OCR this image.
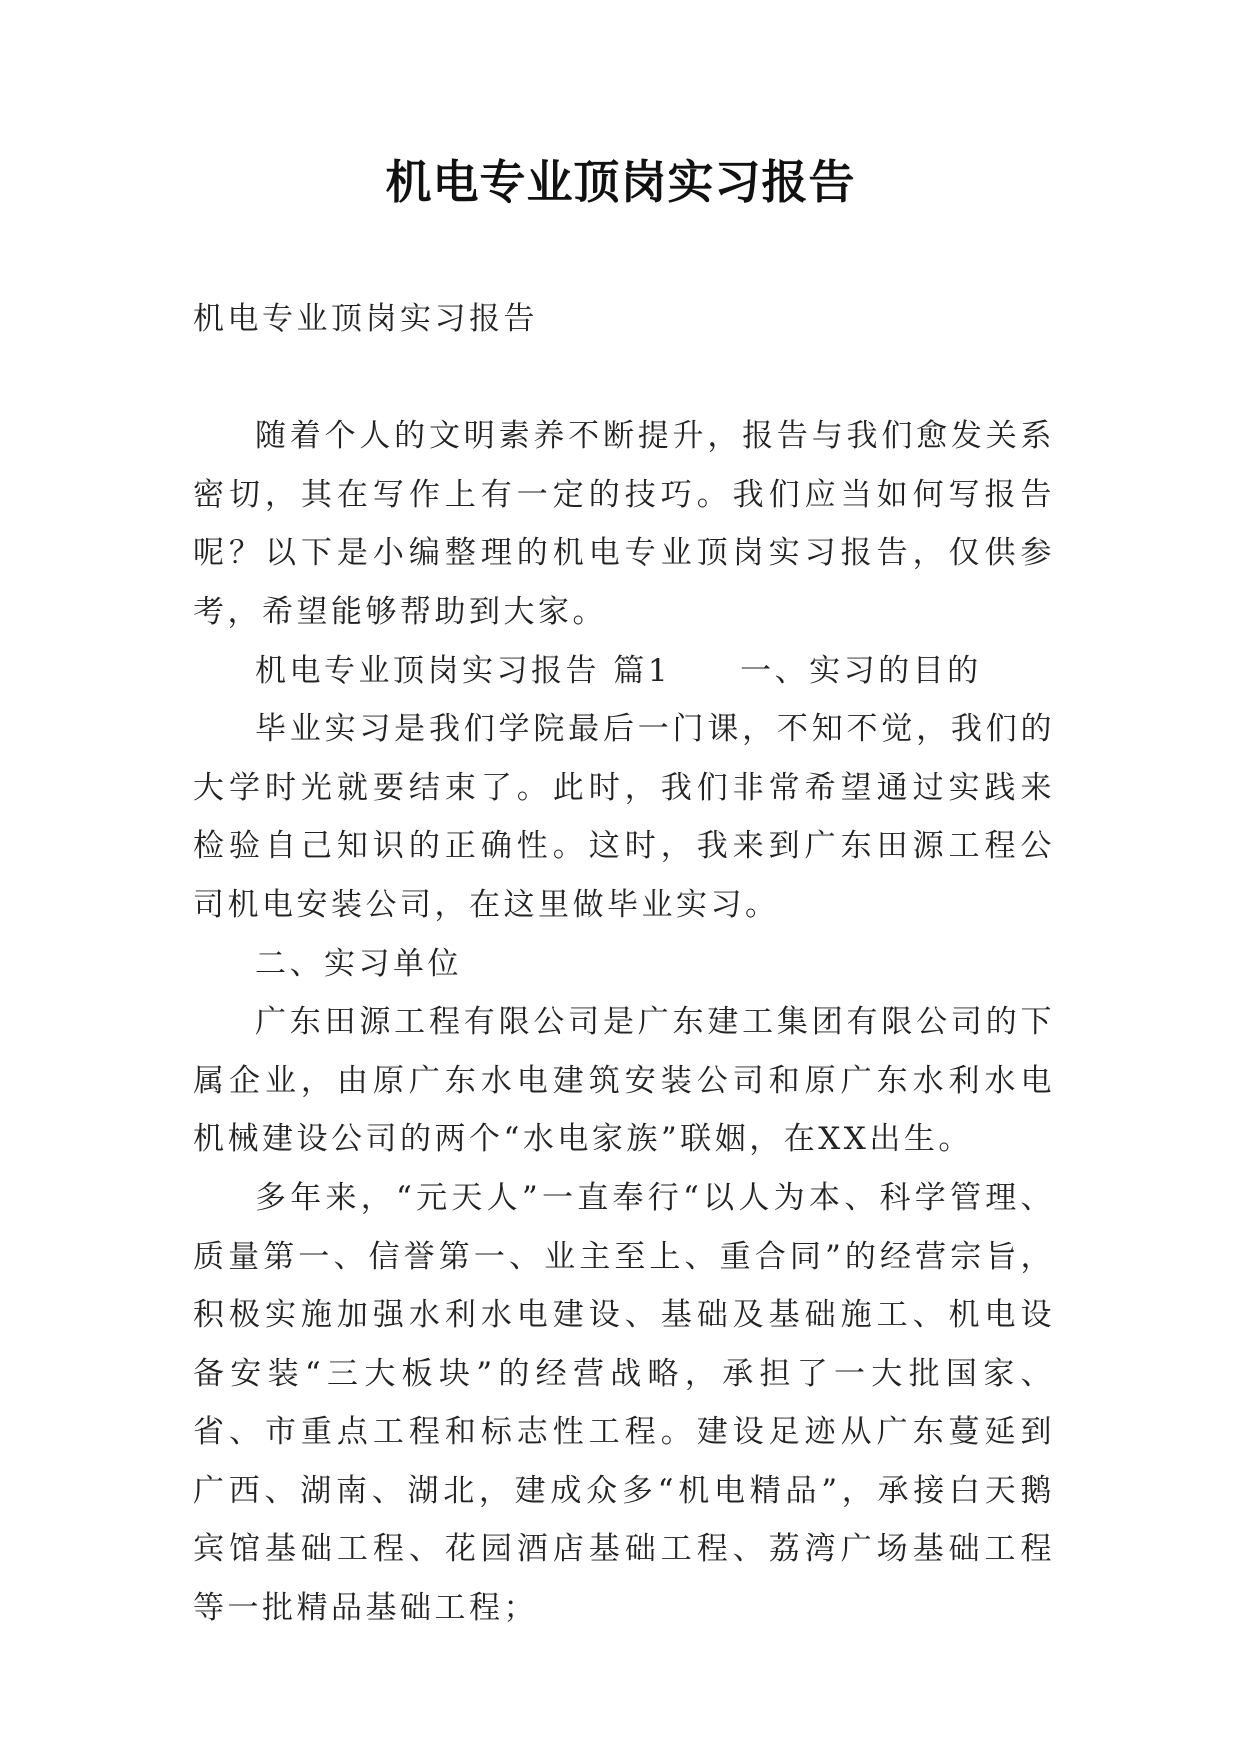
机电专业顶岗实习报告

机电专业顶岗实习报告

随着个人的文明素养不断提升，报告与我们愈发关系密切，其在写作上有一定的技巧。我们应当如何写报告呢？以下是小编整理的机电专业顶岗实习报告，仅供参考，希望能够帮助到大家。

机电专业顶岗实习报告 篇1　　一、实习的目的

毕业实习是我们学院最后一门课，不知不觉，我们的大学时光就要结束了。此时，我们非常希望通过实践来检验自己知识的正确性。这时，我来到广东田源工程公司机电安装公司，在这里做毕业实习。

二、实习单位

广东田源工程有限公司是广东建工集团有限公司的下属企业，由原广东水电建筑安装公司和原广东水利水电机械建设公司的两个“水电家族”联姻，在XX出生。

多年来，“元天人”一直奉行“以人为本、科学管理、质量第一、信誉第一、业主至上、重合同”的经营宗旨，积极实施加强水利水电建设、基础及基础施工、机电设备安装“三大板块”的经营战略，承担了一大批国家、省、市重点工程和标志性工程。建设足迹从广东蔓延到广西、湖南、湖北，建成众多“机电精品”，承接白天鹅宾馆基础工程、花园酒店基础工程、荔湾广场基础工程等一批精品基础工程；
